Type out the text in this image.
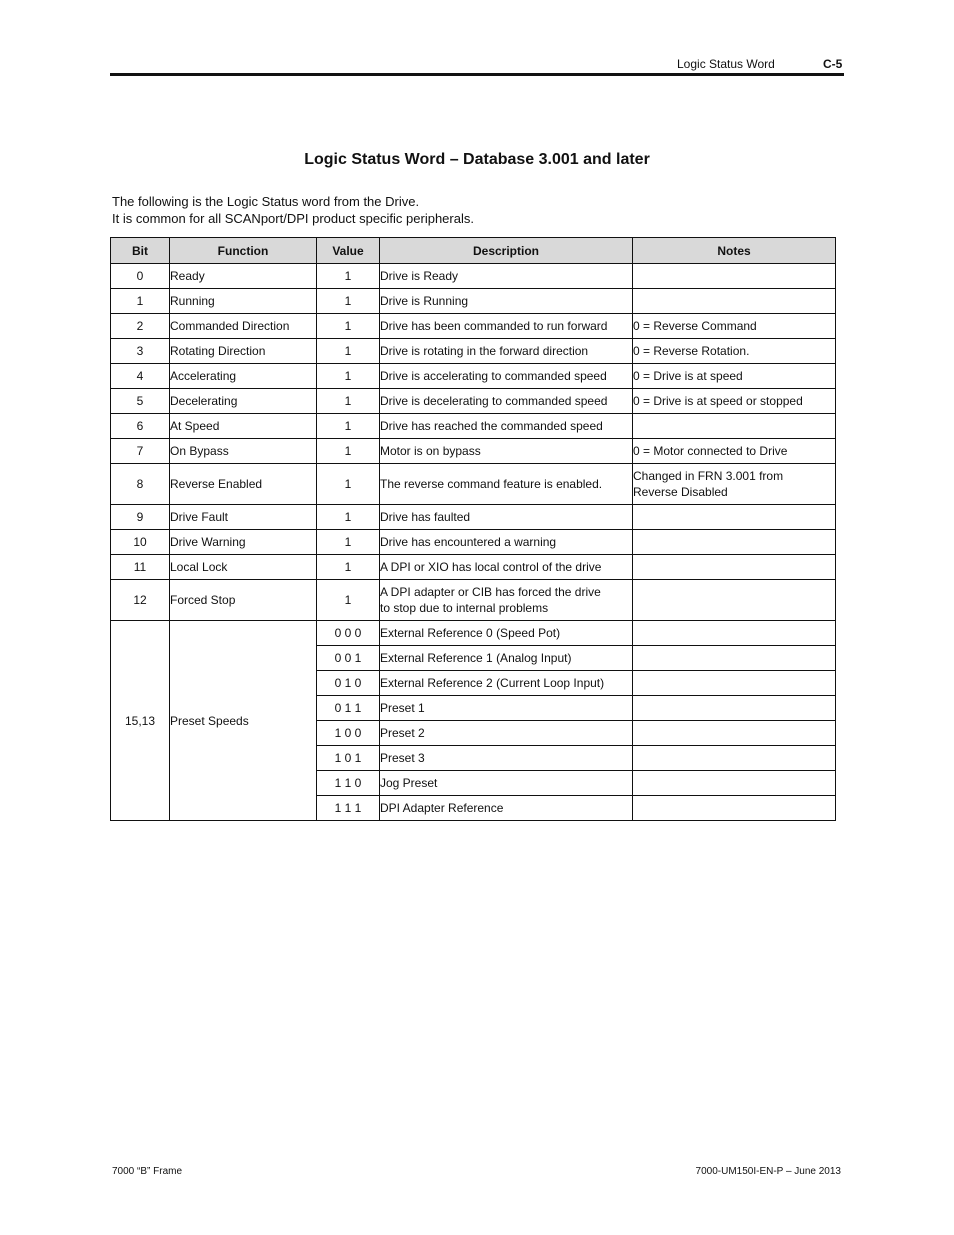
Logic Status Word	C-5
Logic Status Word – Database 3.001 and later
The following is the Logic Status word from the Drive.
It is common for all SCANport/DPI product specific peripherals.
Bit	Function	Value	Description	Notes
0	Ready	1	Drive is Ready	
1	Running	1	Drive is Running	
2	Commanded Direction	1	Drive has been commanded to run forward	0 = Reverse Command
3	Rotating Direction	1	Drive is rotating in the forward direction	0 = Reverse Rotation.
4	Accelerating	1	Drive is accelerating to commanded speed	0 = Drive is at speed
5	Decelerating	1	Drive is decelerating to commanded speed	0 = Drive is at speed or stopped
6	At Speed	1	Drive has reached the commanded speed	
7	On Bypass	1	Motor is on bypass	0 = Motor connected to Drive
8	Reverse Enabled	1	The reverse command feature is enabled.	Changed in FRN 3.001 from
Reverse Disabled

9	Drive Fault	1	Drive has faulted	
10	Drive Warning	1	Drive has encountered a warning	
11	Local Lock	1	A DPI or XIO has local control of the drive	
12	Forced Stop	1	A DPI adapter or CIB has forced the drive
to stop due to internal problems	

15,13	Preset Speeds	0 0 0	External Reference 0 (Speed Pot)	
		0 0 1	External Reference 1 (Analog Input)	
		0 1 0	External Reference 2 (Current Loop Input)	
		0 1 1	Preset 1	
		1 0 0	Preset 2	
		1 0 1	Preset 3	
		1 1 0	Jog Preset	
		1 1 1	DPI Adapter Reference	
7000 “B” Frame	7000-UM150I-EN-P – June 2013
